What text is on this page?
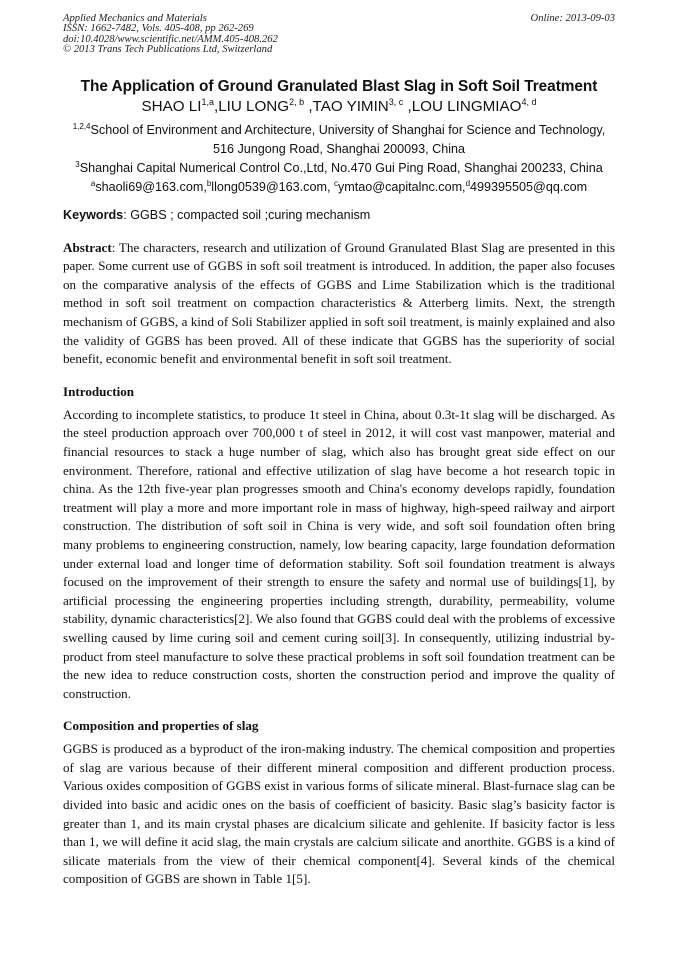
Applied Mechanics and Materials
ISSN: 1662-7482, Vols. 405-408, pp 262-269
doi:10.4028/www.scientific.net/AMM.405-408.262
© 2013 Trans Tech Publications Ltd, Switzerland
Online: 2013-09-03
The Application of Ground Granulated Blast Slag in Soft Soil Treatment
SHAO LI$^{1,a}$,LIU LONG$^{2, b}$ ,TAO YIMIN$^{3, c}$ ,LOU LINGMIAO$^{4, d}$
$^{1,2,4}$School of Environment and Architecture, University of Shanghai for Science and Technology,
516 Jungong Road, Shanghai 200093, China
$^3$Shanghai Capital Numerical Control Co.,Ltd, No.470 Gui Ping Road, Shanghai 200233, China
$^a$shaoli69@163.com,$^b$llong0539@163.com, $^c$ymtao@capitalnc.com,$^d$499395505@qq.com
Keywords: GGBS ; compacted soil ;curing mechanism
Abstract: The characters, research and utilization of Ground Granulated Blast Slag are presented in this paper. Some current use of GGBS in soft soil treatment is introduced. In addition, the paper also focuses on the comparative analysis of the effects of GGBS and Lime Stabilization which is the traditional method in soft soil treatment on compaction characteristics & Atterberg limits. Next, the strength mechanism of GGBS, a kind of Soli Stabilizer applied in soft soil treatment, is mainly explained and also the validity of GGBS has been proved. All of these indicate that GGBS has the superiority of social benefit, economic benefit and environmental benefit in soft soil treatment.
Introduction
According to incomplete statistics, to produce 1t steel in China, about 0.3t-1t slag will be discharged. As the steel production approach over 700,000 t of steel in 2012, it will cost vast manpower, material and financial resources to stack a huge number of slag, which also has brought great side effect on our environment. Therefore, rational and effective utilization of slag have become a hot research topic in china. As the 12th five-year plan progresses smooth and China's economy develops rapidly, foundation treatment will play a more and more important role in mass of highway, high-speed railway and airport construction. The distribution of soft soil in China is very wide, and soft soil foundation often bring many problems to engineering construction, namely, low bearing capacity, large foundation deformation under external load and longer time of deformation stability. Soft soil foundation treatment is always focused on the improvement of their strength to ensure the safety and normal use of buildings[1], by artificial processing the engineering properties including strength, durability, permeability, volume stability, dynamic characteristics[2]. We also found that GGBS could deal with the problems of excessive swelling caused by lime curing soil and cement curing soil[3]. In consequently, utilizing industrial by-product from steel manufacture to solve these practical problems in soft soil foundation treatment can be the new idea to reduce construction costs, shorten the construction period and improve the quality of construction.
Composition and properties of slag
GGBS is produced as a byproduct of the iron-making industry. The chemical composition and properties of slag are various because of their different mineral composition and different production process. Various oxides composition of GGBS exist in various forms of silicate mineral. Blast-furnace slag can be divided into basic and acidic ones on the basis of coefficient of basicity. Basic slag’s basicity factor is greater than 1, and its main crystal phases are dicalcium silicate and gehlenite. If basicity factor is less than 1, we will define it acid slag, the main crystals are calcium silicate and anorthite. GGBS is a kind of silicate materials from the view of their chemical component[4]. Several kinds of the chemical composition of GGBS are shown in Table 1[5].
